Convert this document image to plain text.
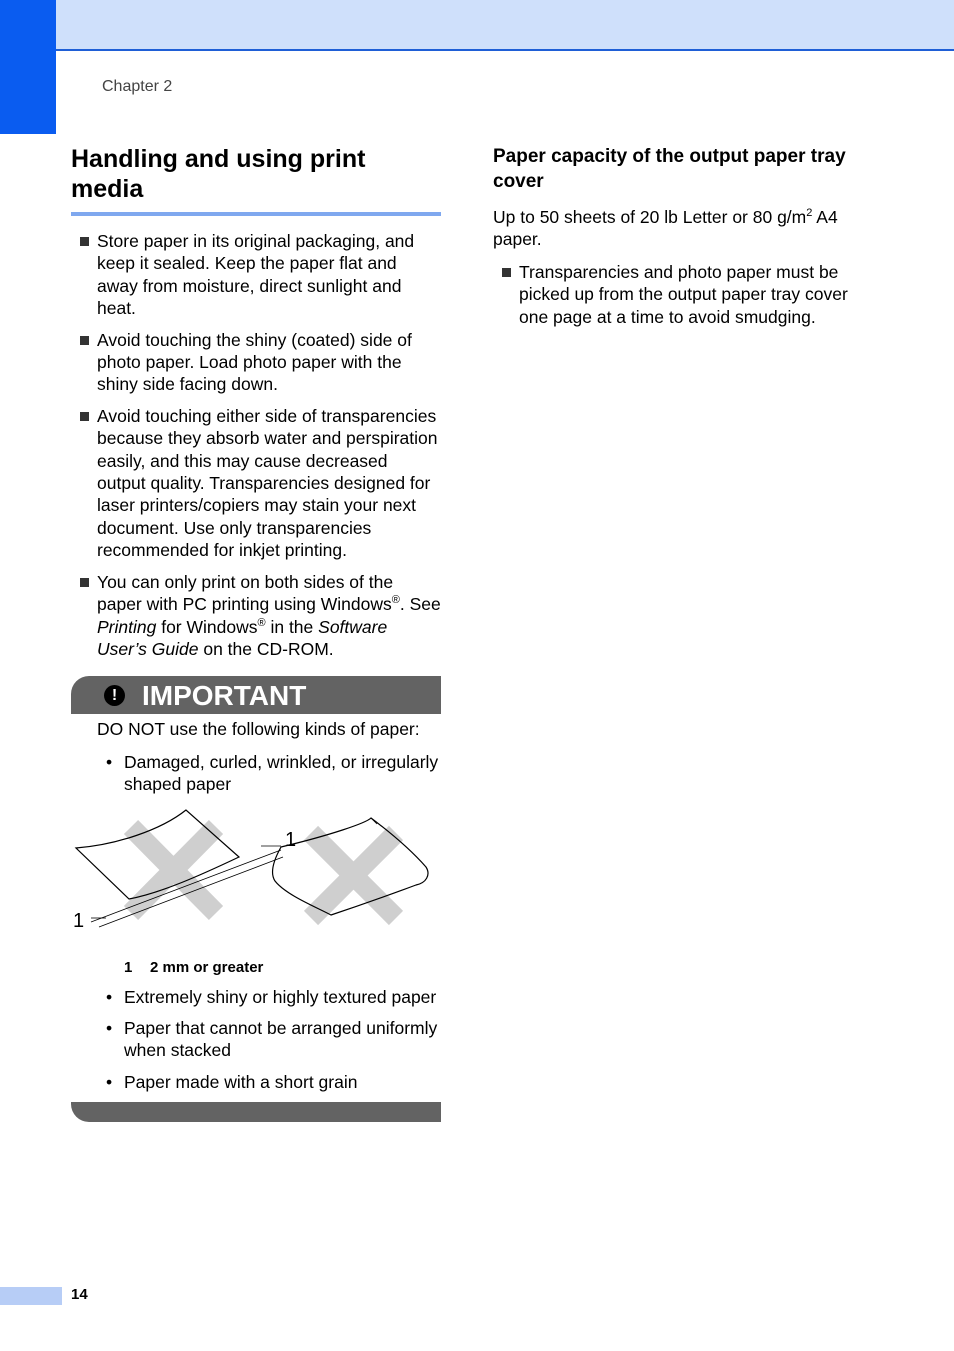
Chapter 2
Handling and using print media
Store paper in its original packaging, and keep it sealed. Keep the paper flat and away from moisture, direct sunlight and heat.
Avoid touching the shiny (coated) side of photo paper. Load photo paper with the shiny side facing down.
Avoid touching either side of transparencies because they absorb water and perspiration easily, and this may cause decreased output quality. Transparencies designed for laser printers/copiers may stain your next document. Use only transparencies recommended for inkjet printing.
You can only print on both sides of the paper with PC printing using Windows®. See Printing for Windows® in the Software User’s Guide on the CD-ROM.
! IMPORTANT
DO NOT use the following kinds of paper:
• Damaged, curled, wrinkled, or irregularly shaped paper
1
1
1 2 mm or greater
• Extremely shiny or highly textured paper
• Paper that cannot be arranged uniformly when stacked
• Paper made with a short grain
Paper capacity of the output paper tray cover

Up to 50 sheets of 20 lb Letter or 80 $g/m^2$ A4 paper.

Transparencies and photo paper must be picked up from the output paper tray cover one page at a time to avoid smudging.
14
